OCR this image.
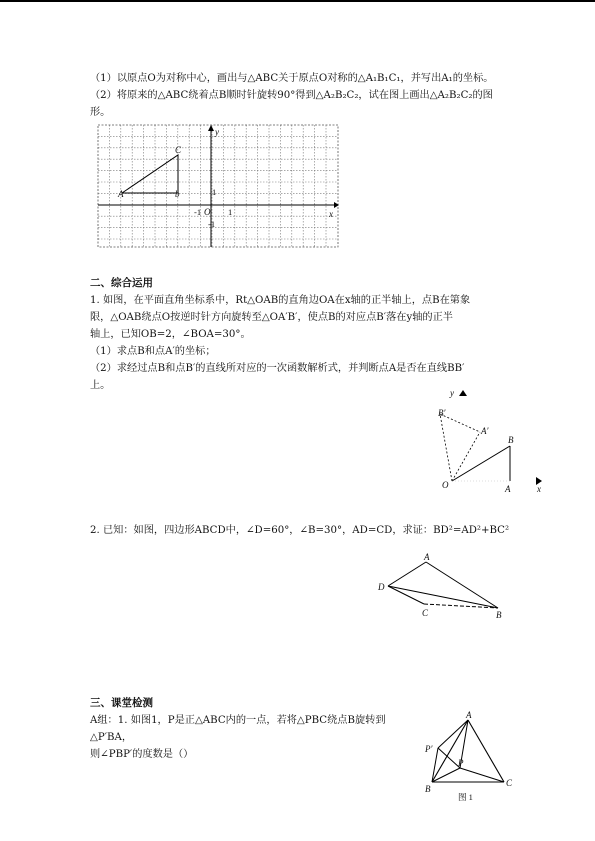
（1）以原点O为对称中心，画出与△ABC关于原点O对称的△A₁B₁C₁，并写出A₁的坐标。
（2）将原来的△ABC绕着点B顺时针旋转90°得到△A₂B₂C₂，试在图上画出△A₂B₂C₂的图
形。
A	b
C
y
x
O
1
-1
-1	1
二、综合运用
1. 如图，在平面直角坐标系中，Rt△OAB的直角边OA在x轴的正半轴上，点B在第象
限，△OAB绕点O按逆时针方向旋转至△OA′B′，使点B的对应点B′落在y轴的正半
轴上，已知OB=2，∠BOA=30°。
（1）求点B和点A′的坐标；
（2）求经过点B和点B′的直线所对应的一次函数解析式，并判断点A是否在直线BB′
上。
y
B′
A′
B
O	A	x
2. 已知：如图，四边形ABCD中，∠D=60°，∠B=30°，AD=CD，求证：BD²=AD²+BC²
A
D
C	B
三、课堂检测
A组：1. 如图1，P是正△ABC内的一点，若将△PBC绕点B旋转到
△P′BA，
则∠PBP′的度数是（）
A
P′
P
B
C
图 1
